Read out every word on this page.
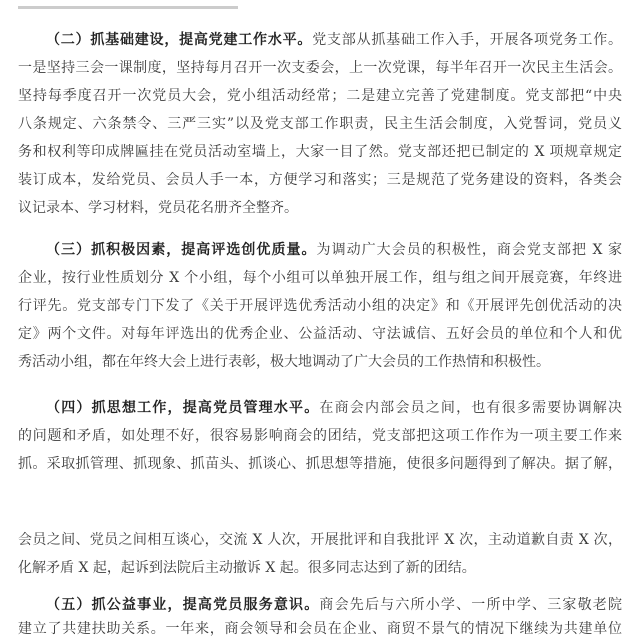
（二）抓基础建设，提高党建工作水平。党支部从抓基础工作入手，开展各项党务工作。
一是坚持三会一课制度，坚持每月召开一次支委会，上一次党课，每半年召开一次民主生活会。
坚持每季度召开一次党员大会，党小组活动经常；二是建立完善了党建制度。党支部把“中央
八条规定、六条禁令、三严三实”以及党支部工作职责，民主生活会制度，入党誓词，党员义
务和权利等印成牌匾挂在党员活动室墙上，大家一目了然。党支部还把已制定的 X 项规章规定
装订成本，发给党员、会员人手一本，方便学习和落实；三是规范了党务建设的资料，各类会
议记录本、学习材料，党员花名册齐全整齐。
（三）抓积极因素，提高评选创优质量。为调动广大会员的积极性，商会党支部把 X 家
企业，按行业性质划分 X 个小组，每个小组可以单独开展工作，组与组之间开展竞赛，年终进
行评先。党支部专门下发了《关于开展评选优秀活动小组的决定》和《开展评先创优活动的决
定》两个文件。对每年评选出的优秀企业、公益活动、守法诚信、五好会员的单位和个人和优
秀活动小组，都在年终大会上进行表彰，极大地调动了广大会员的工作热情和积极性。
（四）抓思想工作，提高党员管理水平。在商会内部会员之间，也有很多需要协调解决
的问题和矛盾，如处理不好，很容易影响商会的团结，党支部把这项工作作为一项主要工作来
抓。采取抓管理、抓现象、抓苗头、抓谈心、抓思想等措施，使很多问题得到了解决。据了解，
会员之间、党员之间相互谈心，交流 X 人次，开展批评和自我批评 X 次，主动道歉自责 X 次，
化解矛盾 X 起，起诉到法院后主动撤诉 X 起。很多同志达到了新的团结。
（五）抓公益事业，提高党员服务意识。商会先后与六所小学、一所中学、三家敬老院
建立了共建扶助关系。一年来，商会领导和会员在企业、商贸不景气的情况下继续为共建单位
